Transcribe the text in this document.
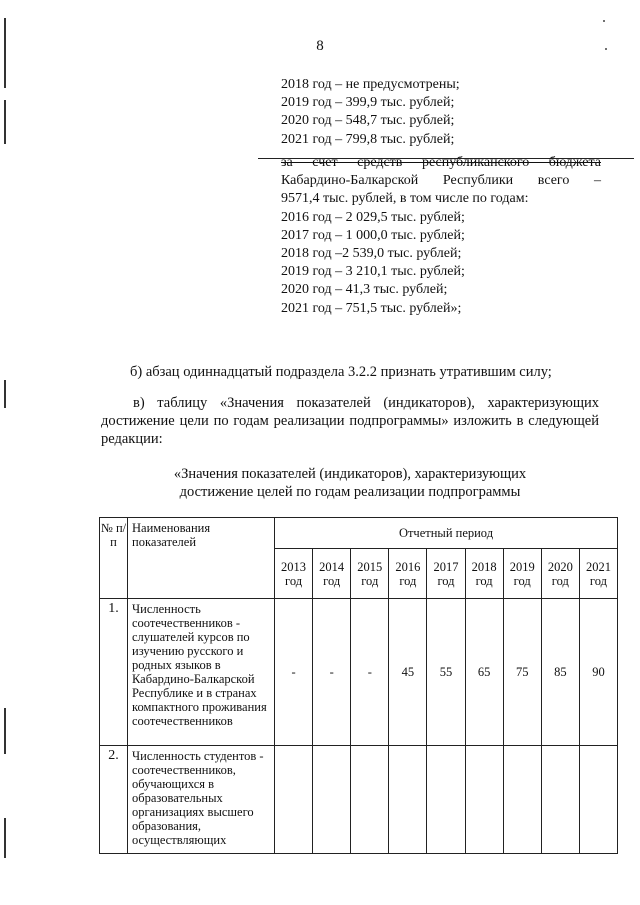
8
2018 год – не предусмотрены;
2019 год – 399,9 тыс. рублей;
2020 год – 548,7 тыс. рублей;
2021 год – 799,8 тыс. рублей;
за счет средств республиканского бюджета
Кабардино-Балкарской Республики всего –
9571,4 тыс. рублей, в том числе по годам:
2016 год – 2 029,5 тыс. рублей;
2017 год – 1 000,0 тыс. рублей;
2018 год –2 539,0 тыс. рублей;
2019 год – 3 210,1 тыс. рублей;
2020 год – 41,3 тыс. рублей;
2021 год – 751,5 тыс. рублей»;
б) абзац одиннадцатый подраздела 3.2.2 признать утратившим силу;
в) таблицу «Значения показателей (индикаторов), характеризующих достижение цели по годам реализации подпрограммы» изложить в следующей редакции:
«Значения показателей (индикаторов), характеризующих
достижение целей по годам реализации подпрограммы
№ п/п	Наименования показателей	Отчетный период								
		2013 год	2014 год	2015 год	2016 год	2017 год	2018 год	2019 год	2020 год	2021 год
1.	Численность соотечественников - слушателей курсов по изучению русского и родных языков в Кабардино-Балкарской Республике и в странах компактного проживания соотечественников	-	-	-	45	55	65	75	85	90
2.	Численность студентов - соотечественников, обучающихся в образовательных организациях высшего образования, осуществляющих									
